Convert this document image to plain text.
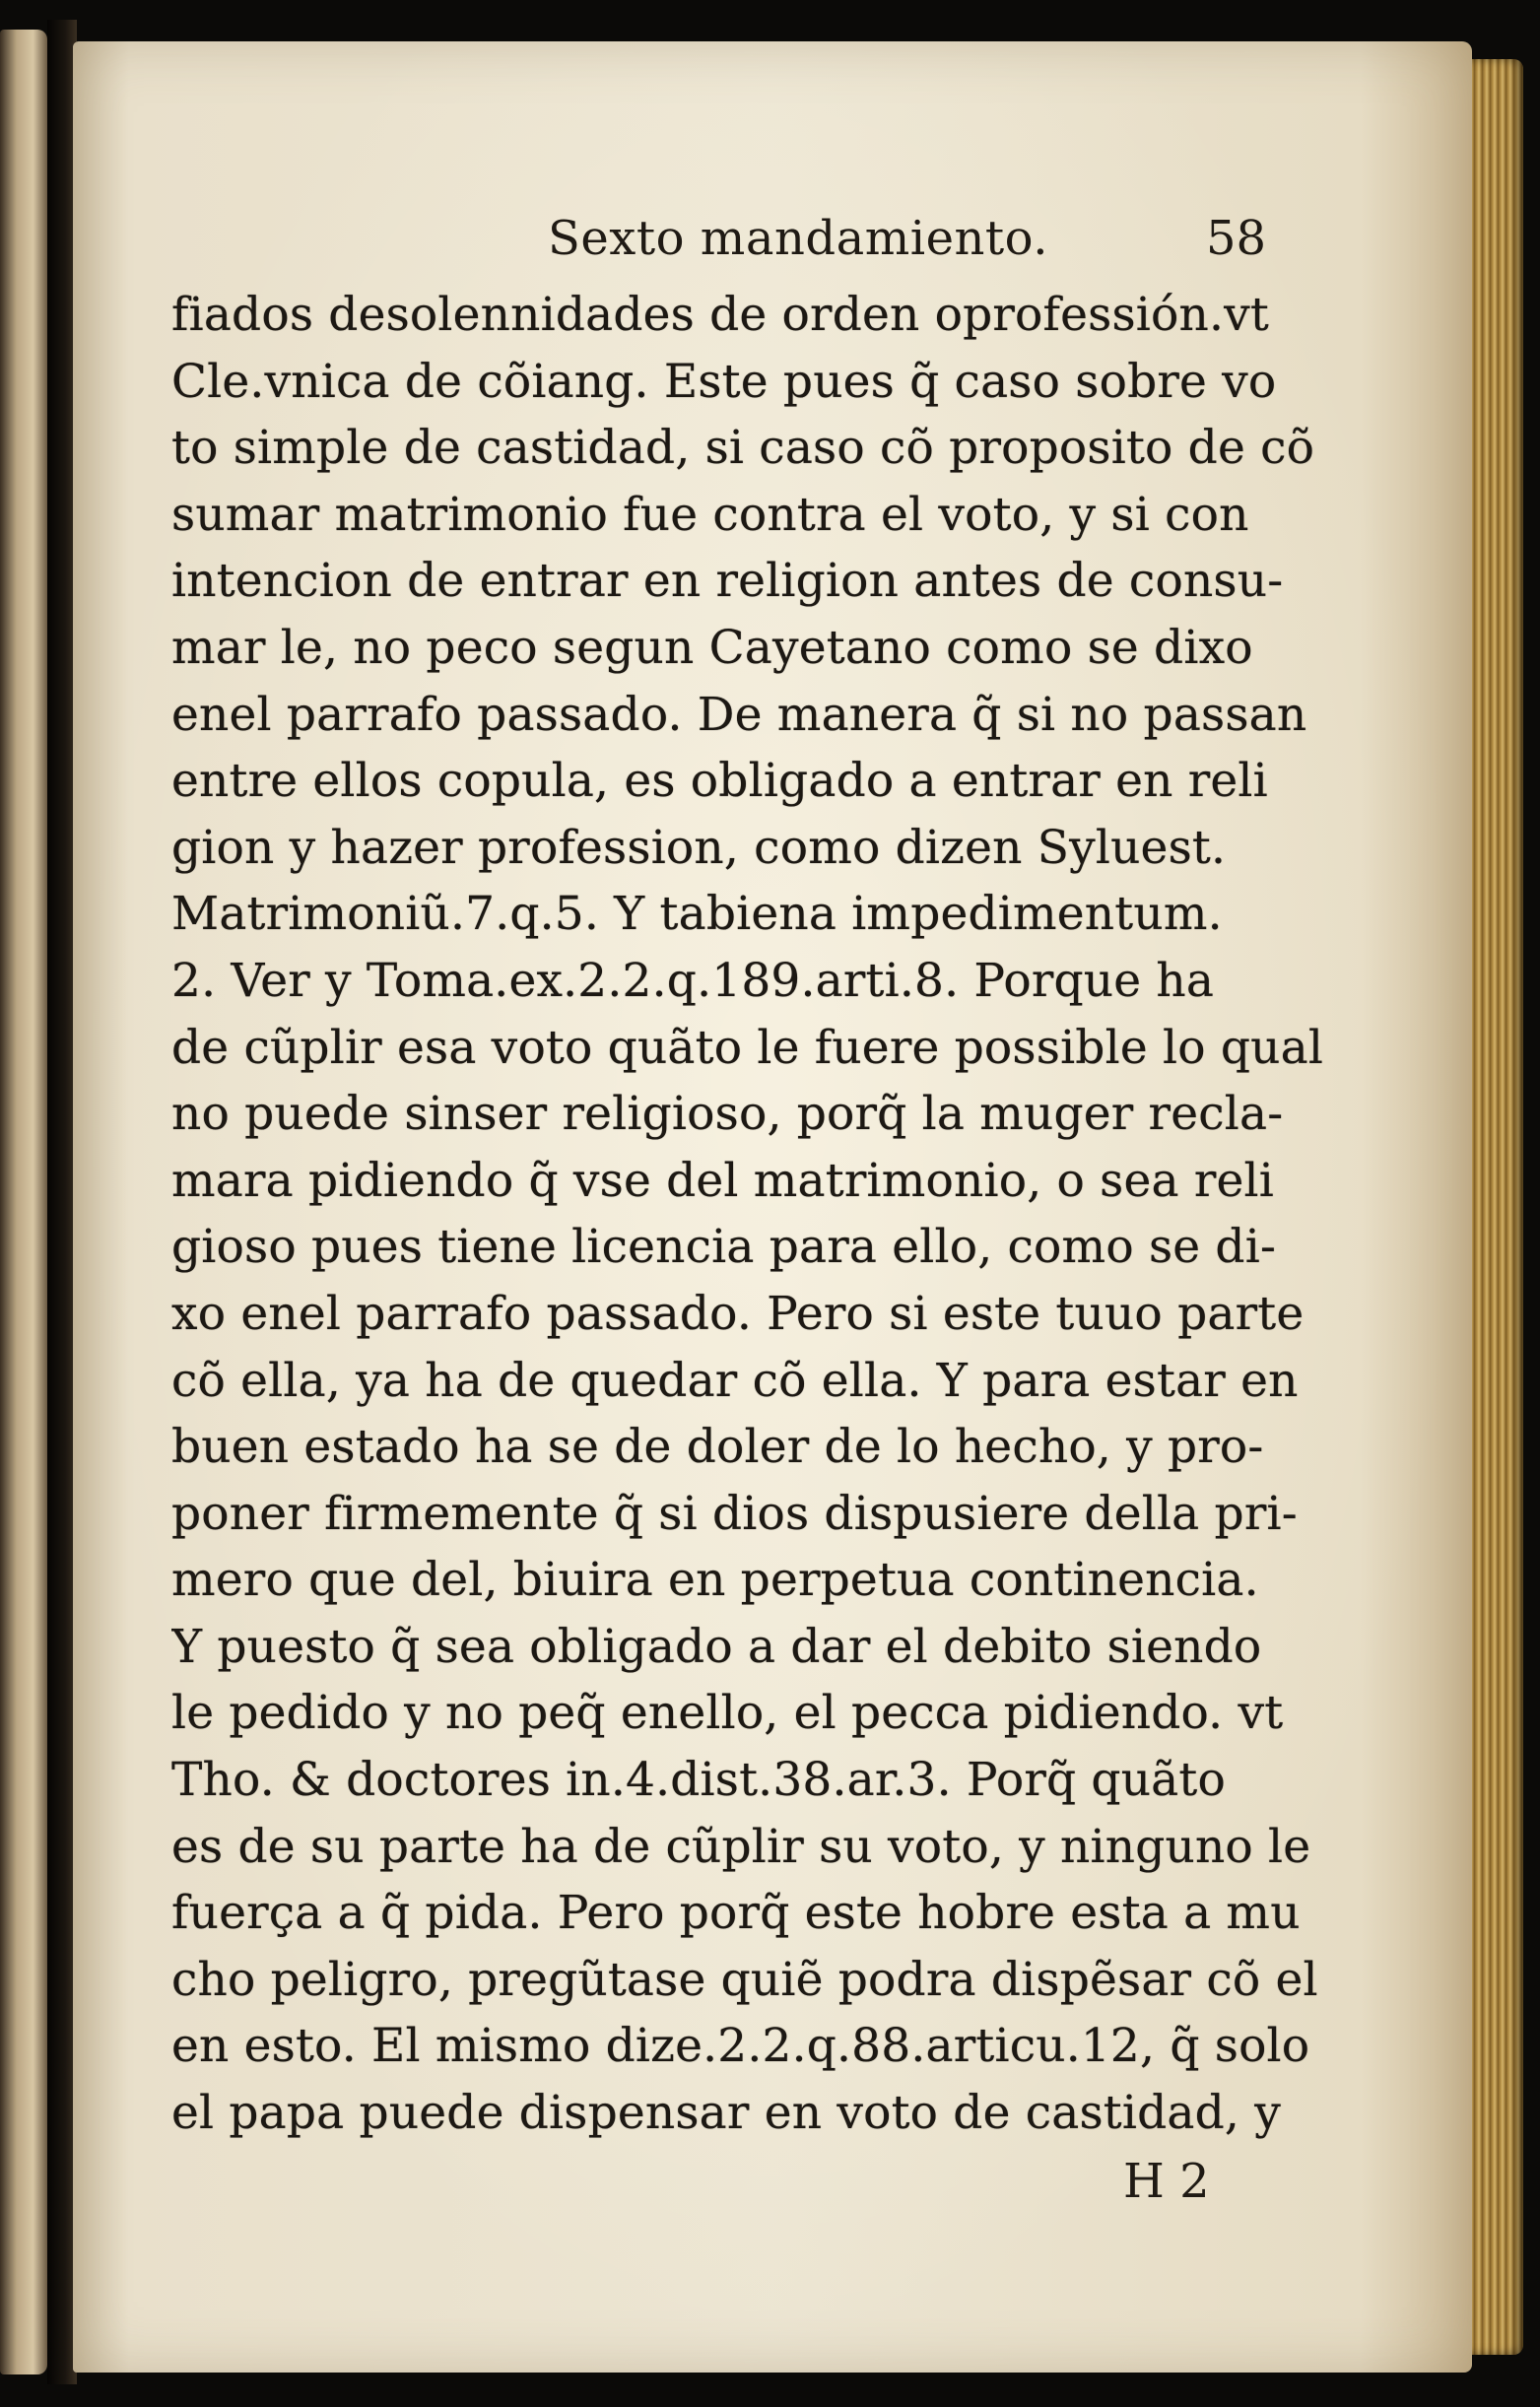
Sexto mandamiento.	58
fiados desolennidades de orden oprofessión.vt
Cle.vnica de cõiang. Este pues q̃ caso sobre vo
to simple de castidad, si caso cõ proposito de cõ
sumar matrimonio fue contra el voto, y si con
intencion de entrar en religion antes de consu-
mar le, no peco segun Cayetano como se dixo
enel parrafo passado. De manera q̃ si no passan
entre ellos copula, es obligado a entrar en reli
gion y hazer profession, como dizen Syluest.
Matrimoniũ.7.q.5. Y tabiena impedimentum.
2. Ver y Toma.ex.2.2.q.189.arti.8. Porque ha
de cũplir esa voto quãto le fuere possible lo qual
no puede sinser religioso, porq̃ la muger recla-
mara pidiendo q̃ vse del matrimonio, o sea reli
gioso pues tiene licencia para ello, como se di-
xo enel parrafo passado. Pero si este tuuo parte
cõ ella, ya ha de quedar cõ ella. Y para estar en
buen estado ha se de doler de lo hecho, y pro-
poner firmemente q̃ si dios dispusiere della pri-
mero que del, biuira en perpetua continencia.
Y puesto q̃ sea obligado a dar el debito siendo
le pedido y no peq̃ enello, el pecca pidiendo. vt
Tho. & doctores in.4.dist.38.ar.3. Porq̃ quãto
es de su parte ha de cũplir su voto, y ninguno le
fuerça a q̃ pida. Pero porq̃ este hobre esta a mu
cho peligro, pregũtase quiẽ podra dispẽsar cõ el
en esto. El mismo dize.2.2.q.88.articu.12, q̃ solo
el papa puede dispensar en voto de castidad, y
H 2
